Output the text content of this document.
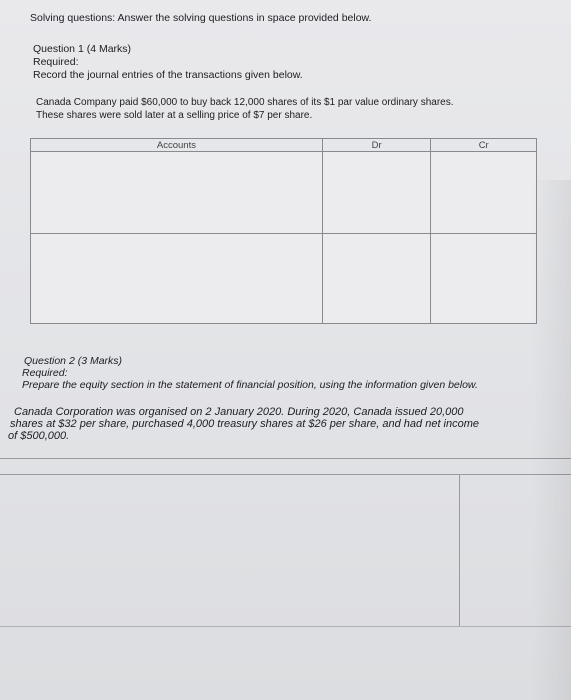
Solving questions: Answer the solving questions in space provided below.
Question 1 (4 Marks)
Required:
Record the journal entries of the transactions given below.
Canada Company paid $60,000 to buy back 12,000 shares of its $1 par value ordinary shares.
These shares were sold later at a selling price of $7 per share.
Accounts	Dr	Cr

Question 2 (3 Marks)
Required:
Prepare the equity section in the statement of financial position, using the information given below.
Canada Corporation was organised on 2 January 2020. During 2020, Canada issued 20,000
shares at $32 per share, purchased 4,000 treasury shares at $26 per share, and had net income
of $500,000.
